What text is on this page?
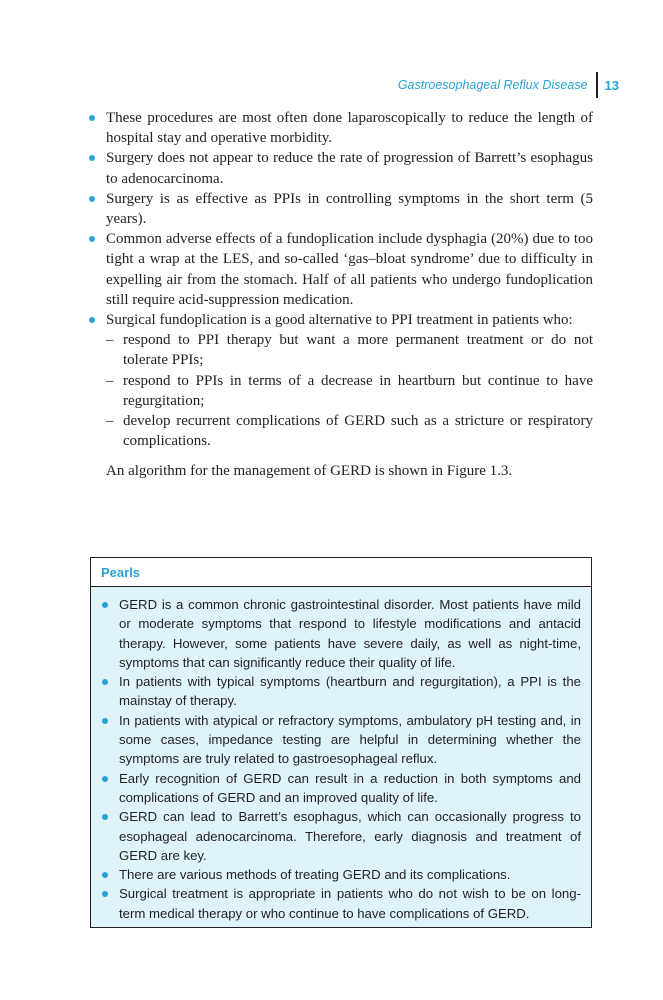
Gastroesophageal Reflux Disease 13
These procedures are most often done laparoscopically to reduce the length of hospital stay and operative morbidity.
Surgery does not appear to reduce the rate of progression of Barrett’s esophagus to adenocarcinoma.
Surgery is as effective as PPIs in controlling symptoms in the short term (5 years).
Common adverse effects of a fundoplication include dysphagia (20%) due to too tight a wrap at the LES, and so-called ‘gas–bloat syndrome’ due to difficulty in expelling air from the stomach. Half of all patients who undergo fundoplication still require acid-suppression medication.
Surgical fundoplication is a good alternative to PPI treatment in patients who:
– respond to PPI therapy but want a more permanent treatment or do not tolerate PPIs;
– respond to PPIs in terms of a decrease in heartburn but continue to have regurgitation;
– develop recurrent complications of GERD such as a stricture or respiratory complications.

An algorithm for the management of GERD is shown in Figure 1.3.

Pearls
GERD is a common chronic gastrointestinal disorder. Most patients have mild or moderate symptoms that respond to lifestyle modifications and antacid therapy. However, some patients have severe daily, as well as night-time, symptoms that can significantly reduce their quality of life.
In patients with typical symptoms (heartburn and regurgitation), a PPI is the mainstay of therapy.
In patients with atypical or refractory symptoms, ambulatory pH testing and, in some cases, impedance testing are helpful in determining whether the symptoms are truly related to gastroesophageal reflux.
Early recognition of GERD can result in a reduction in both symptoms and complications of GERD and an improved quality of life.
GERD can lead to Barrett’s esophagus, which can occasionally progress to esophageal adenocarcinoma. Therefore, early diagnosis and treatment of GERD are key.
There are various methods of treating GERD and its complications.
Surgical treatment is appropriate in patients who do not wish to be on long-term medical therapy or who continue to have complications of GERD.
